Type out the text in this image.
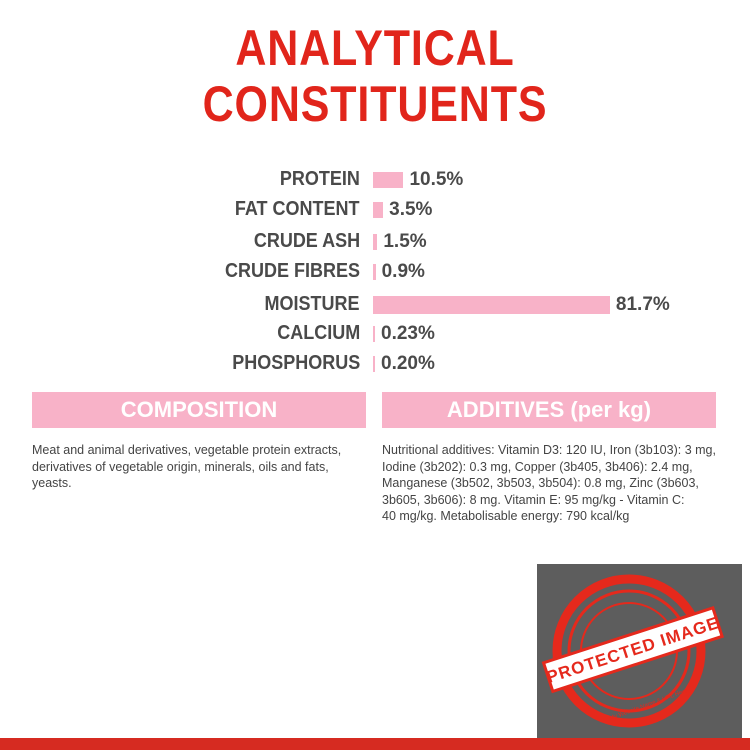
ANALYTICAL
CONSTITUENTS
PROTEIN	10.5%
FAT CONTENT 3.5%
CRUDE ASH 1.5%
CRUDE FIBRES 0.9%
MOISTURE	81.7%
CALCIUM 0.23%
PHOSPHORUS 0.20%
COMPOSITION
Meat and animal derivatives, vegetable protein extracts,
derivatives of vegetable origin, minerals, oils and fats,
yeasts.
ADDITIVES (per kg)
Nutritional additives: Vitamin D3: 120 IU, Iron (3b103): 3 mg,
Iodine (3b202): 0.3 mg, Copper (3b405, 3b406): 2.4 mg,
Manganese (3b502, 3b503, 3b504): 0.8 mg, Zinc (3b603,
3b605, 3b606): 8 mg. Vitamin E: 95 mg/kg - Vitamin C:
40 mg/kg. Metabolisable energy: 790 kcal/kg
PROTECTED IMAGE
My Website Name & URL Here
